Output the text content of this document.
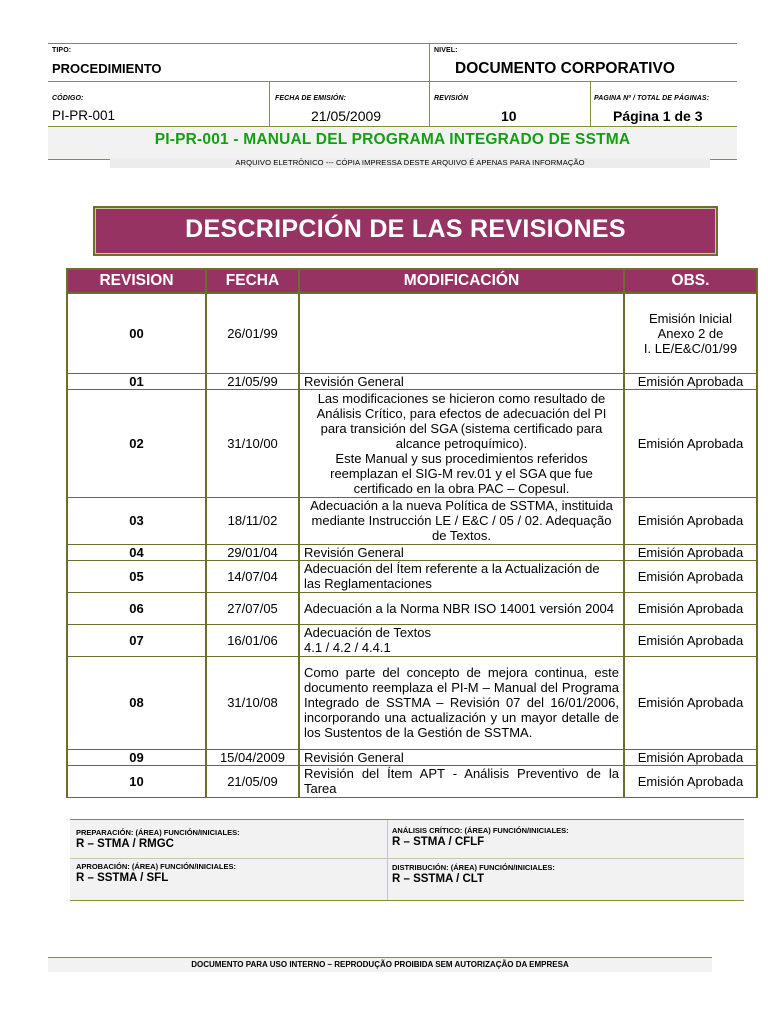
TIPO:
PROCEDIMIENTO
NIVEL:
DOCUMENTO CORPORATIVO
CÓDIGO:
PI-PR-001
FECHA DE EMISIÓN:
21/05/2009
REVISIÓN
10
PAGINA Nº / TOTAL DE PÁGINAS:
Página 1 de 3
PI-PR-001 - MANUAL DEL PROGRAMA INTEGRADO DE SSTMA
ARQUIVO ELETRÔNICO --- CÓPIA IMPRESSA DESTE ARQUIVO É APENAS PARA INFORMAÇÃO
DESCRIPCIÓN DE LAS REVISIONES
REVISION	FECHA	MODIFICACIÓN	OBS.
00	26/01/99		Emisión Inicial
Anexo 2 de
I. LE/E&C/01/99
01	21/05/99	Revisión General	Emisión Aprobada
02	31/10/00	Las modificaciones se hicieron como resultado de Análisis Crítico, para efectos de adecuación del PI para transición del SGA (sistema certificado para alcance petroquímico).
Este Manual y sus procedimientos referidos reemplazan el SIG-M rev.01 y el SGA que fue certificado en la obra PAC – Copesul.	Emisión Aprobada
03	18/11/02	Adecuación a la nueva Política de SSTMA, instituida mediante Instrucción LE / E&C / 05 / 02. Adequação de Textos.	Emisión Aprobada
04	29/01/04	Revisión General	Emisión Aprobada
05	14/07/04	Adecuación del Ítem referente a la Actualización de las Reglamentaciones	Emisión Aprobada
06	27/07/05	Adecuación a la Norma NBR ISO 14001 versión 2004	Emisión Aprobada
07	16/01/06	Adecuación de Textos
4.1 / 4.2 / 4.4.1	Emisión Aprobada
08	31/10/08	Como parte del concepto de mejora continua, este documento reemplaza el PI-M – Manual del Programa Integrado de SSTMA – Revisión 07 del 16/01/2006, incorporando una actualización y un mayor detalle de los Sustentos de la Gestión de SSTMA.	Emisión Aprobada
09	15/04/2009	Revisión General	Emisión Aprobada
10	21/05/09	Revisión del Ítem APT - Análisis Preventivo de la Tarea	Emisión Aprobada
PREPARACIÓN: (ÁREA) FUNCIÓN/INICIALES:
R – STMA / RMGC
ANÁLISIS CRÍTICO: (ÁREA) FUNCIÓN/INICIALES:
R – STMA / CFLF
APROBACIÓN: (ÁREA) FUNCIÓN/INICIALES:
R – SSTMA / SFL
DISTRIBUCIÓN: (ÁREA) FUNCIÓN/INICIALES:
R – SSTMA / CLT
DOCUMENTO PARA USO INTERNO – REPRODUÇÃO PROIBIDA SEM AUTORIZAÇÃO DA EMPRESA
